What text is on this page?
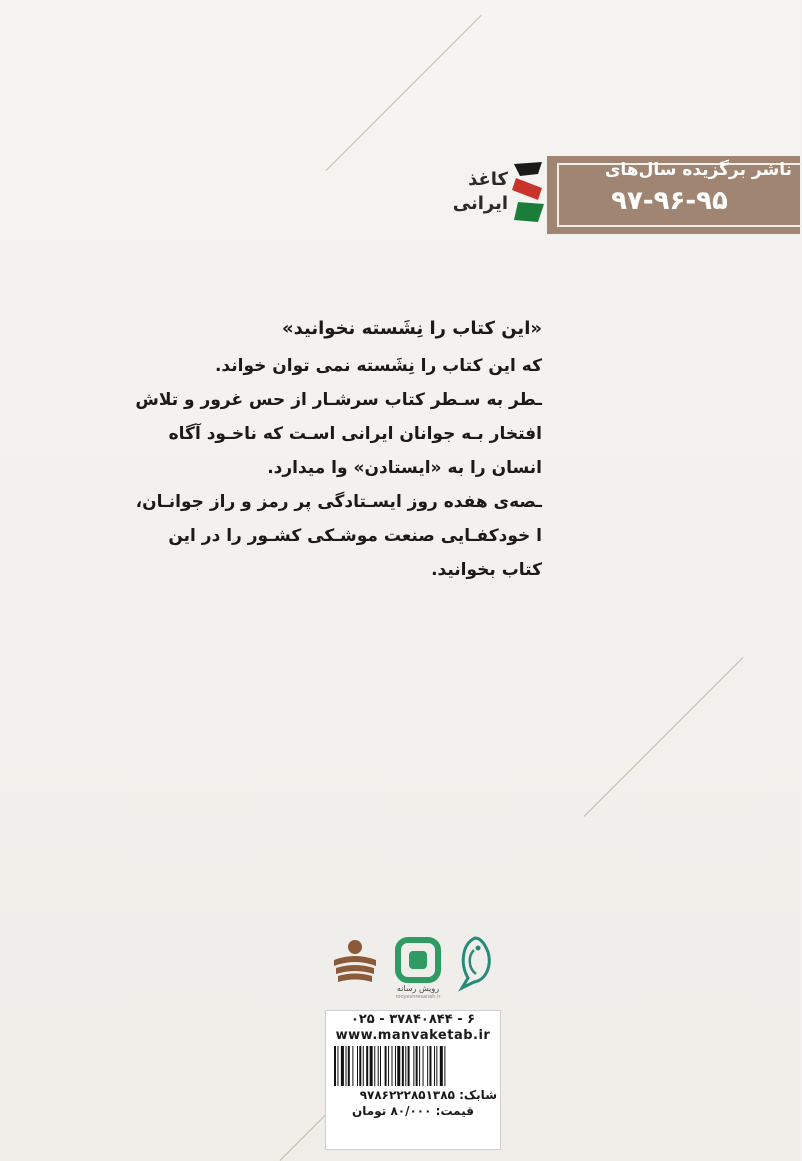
ناشر برگزیده سال‌های
۹۷-۹۶-۹۵
کاغذ
ایرانی
«این کتاب را نِشَسته نخوانید»
که این کتاب را نِشَسته نمی توان خواند.
ـطر به سـطر کتاب سرشـار از حس غرور و تلاش
افتخار بـه جوانان ایرانی اسـت که ناخـود آگاه
انسان را به «ایستادن» وا میدارد.
ـصه‌ی هفده روز ایسـتادگی پر رمز و راز جوانـان،
ا خودکفـایی صنعت موشـکی کشـور را در این
کتاب بخوانید.
رویش رسانه
rooyeshresaneh.ir
۰۲۵ - ۳۷۸۴۰۸۴۴ - ۶
www.manvaketab.ir
شابک: ۹۷۸۶۲۲۲۸۵۱۳۸۵
قیمت: ۸۰/۰۰۰ تومان
